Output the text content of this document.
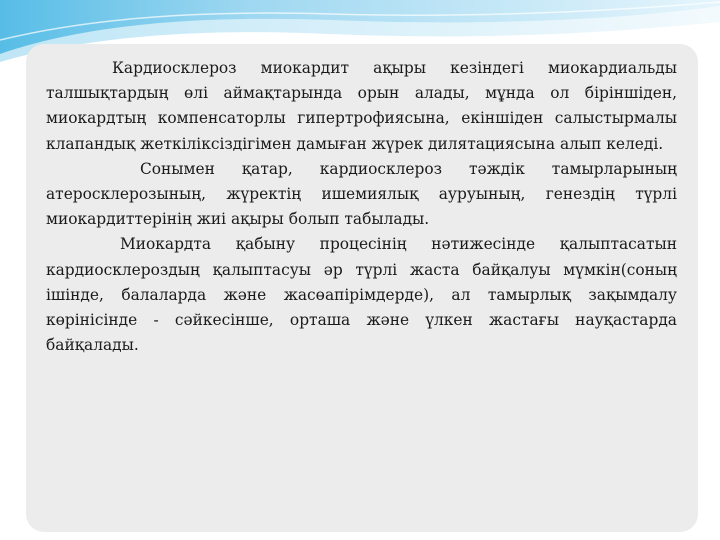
Кардиосклероз миокардит ақыры кезіндегі миокардиальды талшықтардың өлі аймақтарында орын алады, мұнда ол біріншіден, миокардтың компенсаторлы гипертрофиясына, екіншіден салыстырмалы клапандық жеткіліксіздігімен дамыған жүрек дилятациясына алып келеді.

Сонымен қатар, кардиосклероз тәждік тамырларының атеросклерозының, жүректің ишемиялық ауруының, генездің түрлі миокардиттерінің жиі ақыры болып табылады.

Миокардта қабыну процесінің нәтижесінде қалыптасатын кардиосклероздың қалыптасуы әр түрлі жаста байқалуы мүмкін(соның ішінде, балаларда және жасөапірімдерде), ал тамырлық зақымдалу көрінісінде - сәйкесінше, орташа және үлкен жастағы науқастарда байқалады.
